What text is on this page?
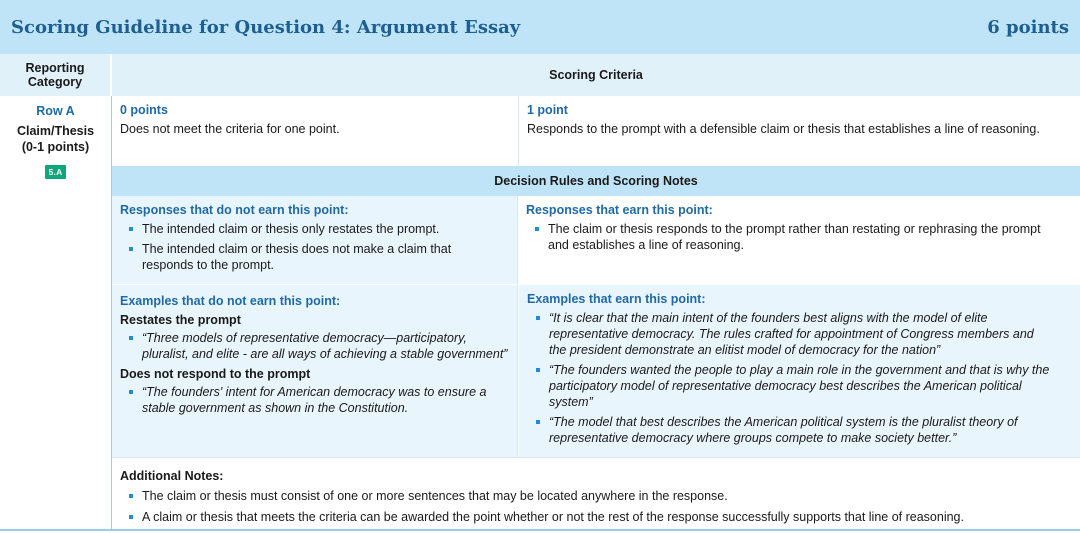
Scoring Guideline for Question 4: Argument Essay	6 points
Reporting Category	Scoring Criteria
Row A
Claim/Thesis (0-1 points)
5.A
0 points
Does not meet the criteria for one point.
1 point
Responds to the prompt with a defensible claim or thesis that establishes a line of reasoning.
Decision Rules and Scoring Notes
Responses that do not earn this point:
The intended claim or thesis only restates the prompt.
The intended claim or thesis does not make a claim that responds to the prompt.
Responses that earn this point:
The claim or thesis responds to the prompt rather than restating or rephrasing the prompt and establishes a line of reasoning.
Examples that do not earn this point:
Restates the prompt
“Three models of representative democracy—participatory, pluralist, and elite - are all ways of achieving a stable government”
Does not respond to the prompt
“The founders' intent for American democracy was to ensure a stable government as shown in the Constitution.
Examples that earn this point:
“It is clear that the main intent of the founders best aligns with the model of elite representative democracy. The rules crafted for appointment of Congress members and the president demonstrate an elitist model of democracy for the nation”
“The founders wanted the people to play a main role in the government and that is why the participatory model of representative democracy best describes the American political system”
“The model that best describes the American political system is the pluralist theory of representative democracy where groups compete to make society better.”
Additional Notes:
The claim or thesis must consist of one or more sentences that may be located anywhere in the response.
A claim or thesis that meets the criteria can be awarded the point whether or not the rest of the response successfully supports that line of reasoning.
